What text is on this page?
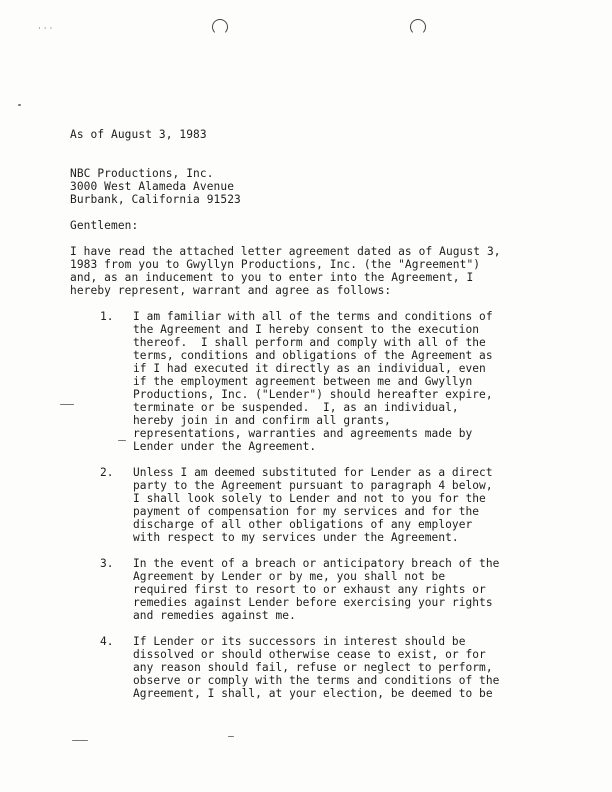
· · ·
As of August 3, 1983
NBC Productions, Inc.
3000 West Alameda Avenue
Burbank, California 91523
Gentlemen:
I have read the attached letter agreement dated as of August 3,
1983 from you to Gwyllyn Productions, Inc. (the "Agreement")
and, as an inducement to you to enter into the Agreement, I
hereby represent, warrant and agree as follows:
1. I am familiar with all of the terms and conditions of
the Agreement and I hereby consent to the execution
thereof.  I shall perform and comply with all of the
terms, conditions and obligations of the Agreement as
if I had executed it directly as an individual, even
if the employment agreement between me and Gwyllyn
Productions, Inc. ("Lender") should hereafter expire,
terminate or be suspended.  I, as an individual,
hereby join in and confirm all grants,
representations, warranties and agreements made by
Lender under the Agreement.
2. Unless I am deemed substituted for Lender as a direct
party to the Agreement pursuant to paragraph 4 below,
I shall look solely to Lender and not to you for the
payment of compensation for my services and for the
discharge of all other obligations of any employer
with respect to my services under the Agreement.
3. In the event of a breach or anticipatory breach of the
Agreement by Lender or by me, you shall not be
required first to resort to or exhaust any rights or
remedies against Lender before exercising your rights
and remedies against me.
4. If Lender or its successors in interest should be
dissolved or should otherwise cease to exist, or for
any reason should fail, refuse or neglect to perform,
observe or comply with the terms and conditions of the
Agreement, I shall, at your election, be deemed to be
